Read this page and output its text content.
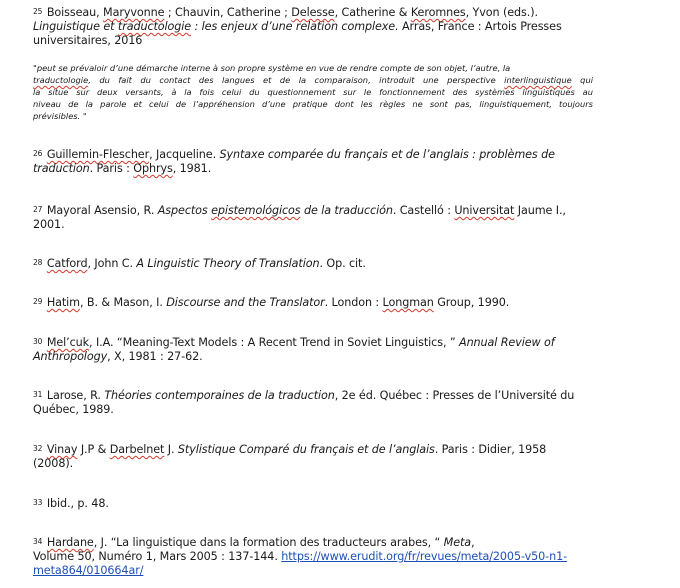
$^{25}$ Boisseau, Maryvonne ; Chauvin, Catherine ; Delesse, Catherine & Keromnes, Yvon (eds.).
Linguistique et traductologie : les enjeux d’une relation complexe. Arras, France : Artois Presses
universitaires, 2016

"peut se prévaloir d’une démarche interne à son propre système en vue de rendre compte de son objet, l’autre, la

traductologie, du fait du contact des langues et de la comparaison, introduit une perspective interlinguistique qui

la situe sur deux versants, à la fois celui du questionnement sur le fonctionnement des systèmes linguistiques au

niveau de la parole et celui de l’appréhension d’une pratique dont les règles ne sont pas, linguistiquement, toujours

prévisibles. "

$^{26}$ Guillemin-Flescher, Jacqueline. Syntaxe comparée du français et de l’anglais : problèmes de
traduction. Paris : Ophrys, 1981.
$^{27}$ Mayoral Asensio, R. Aspectos epistemológicos de la traducción. Castelló : Universitat Jaume I.,
2001.
$^{28}$ Catford, John C. A Linguistic Theory of Translation. Op. cit.
$^{29}$ Hatim, B. & Mason, I. Discourse and the Translator. London : Longman Group, 1990.
$^{30}$ Mel’cuk, I.A. “Meaning-Text Models : A Recent Trend in Soviet Linguistics, ” Annual Review of
Anthropology, X, 1981 : 27-62.
$^{31}$ Larose, R. Théories contemporaines de la traduction, 2e éd. Québec : Presses de l’Université du
Québec, 1989.
$^{32}$ Vinay J.P & Darbelnet J. Stylistique Comparé du français et de l’anglais. Paris : Didier, 1958
(2008).
$^{33}$ Ibid., p. 48.
$^{34}$ Hardane, J. “La linguistique dans la formation des traducteurs arabes, “ Meta,
Volume 50, Numéro 1, Mars 2005 : 137-144. https://www.erudit.org/fr/revues/meta/2005-v50-n1-
meta864/010664ar/
